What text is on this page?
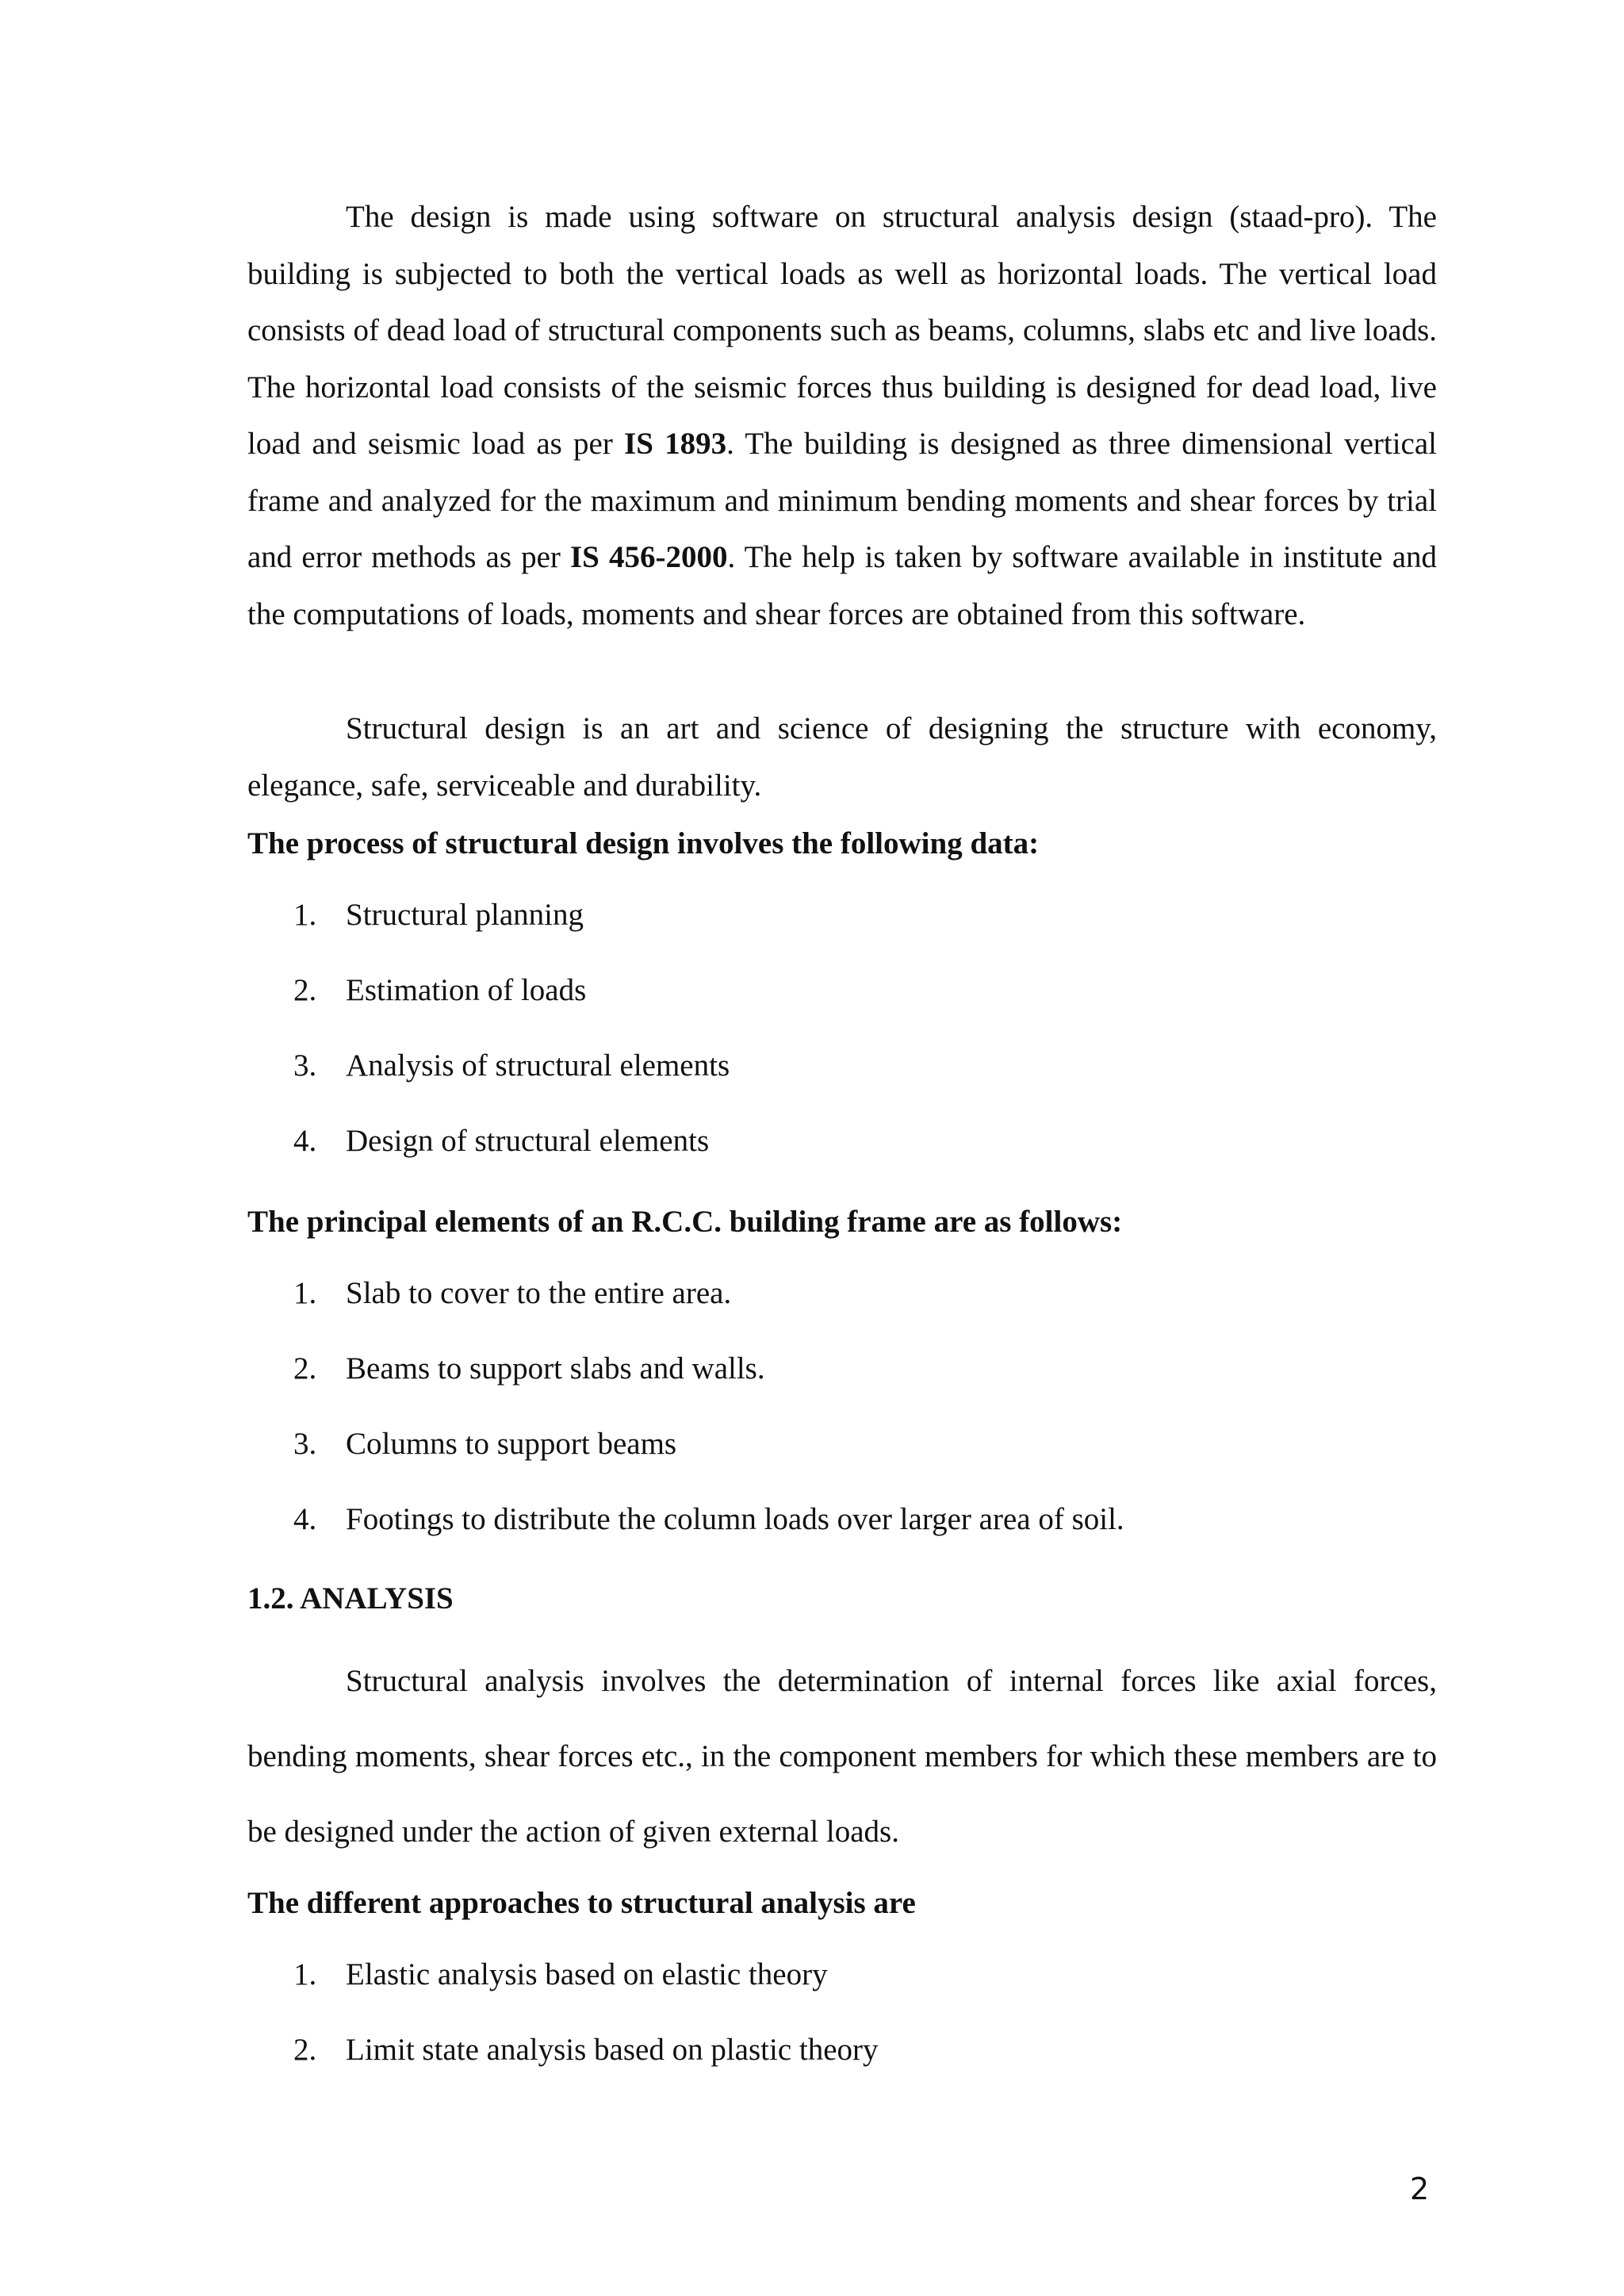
The design is made using software on structural analysis design (staad-pro). The building is subjected to both the vertical loads as well as horizontal loads. The vertical load consists of dead load of structural components such as beams, columns, slabs etc and live loads. The horizontal load consists of the seismic forces thus building is designed for dead load, live load and seismic load as per IS 1893. The building is designed as three dimensional vertical frame and analyzed for the maximum and minimum bending moments and shear forces by trial and error methods as per IS 456-2000. The help is taken by software available in institute and the computations of loads, moments and shear forces are obtained from this software.

Structural design is an art and science of designing the structure with economy, elegance, safe, serviceable and durability.

The process of structural design involves the following data:
1. Structural planning
2. Estimation of loads
3. Analysis of structural elements
4. Design of structural elements
The principal elements of an R.C.C. building frame are as follows:
1. Slab to cover to the entire area.
2. Beams to support slabs and walls.
3. Columns to support beams
4. Footings to distribute the column loads over larger area of soil.
1.2. ANALYSIS

Structural analysis involves the determination of internal forces like axial forces, bending moments, shear forces etc., in the component members for which these members are to be designed under the action of given external loads.

The different approaches to structural analysis are
1. Elastic analysis based on elastic theory
2. Limit state analysis based on plastic theory
2
